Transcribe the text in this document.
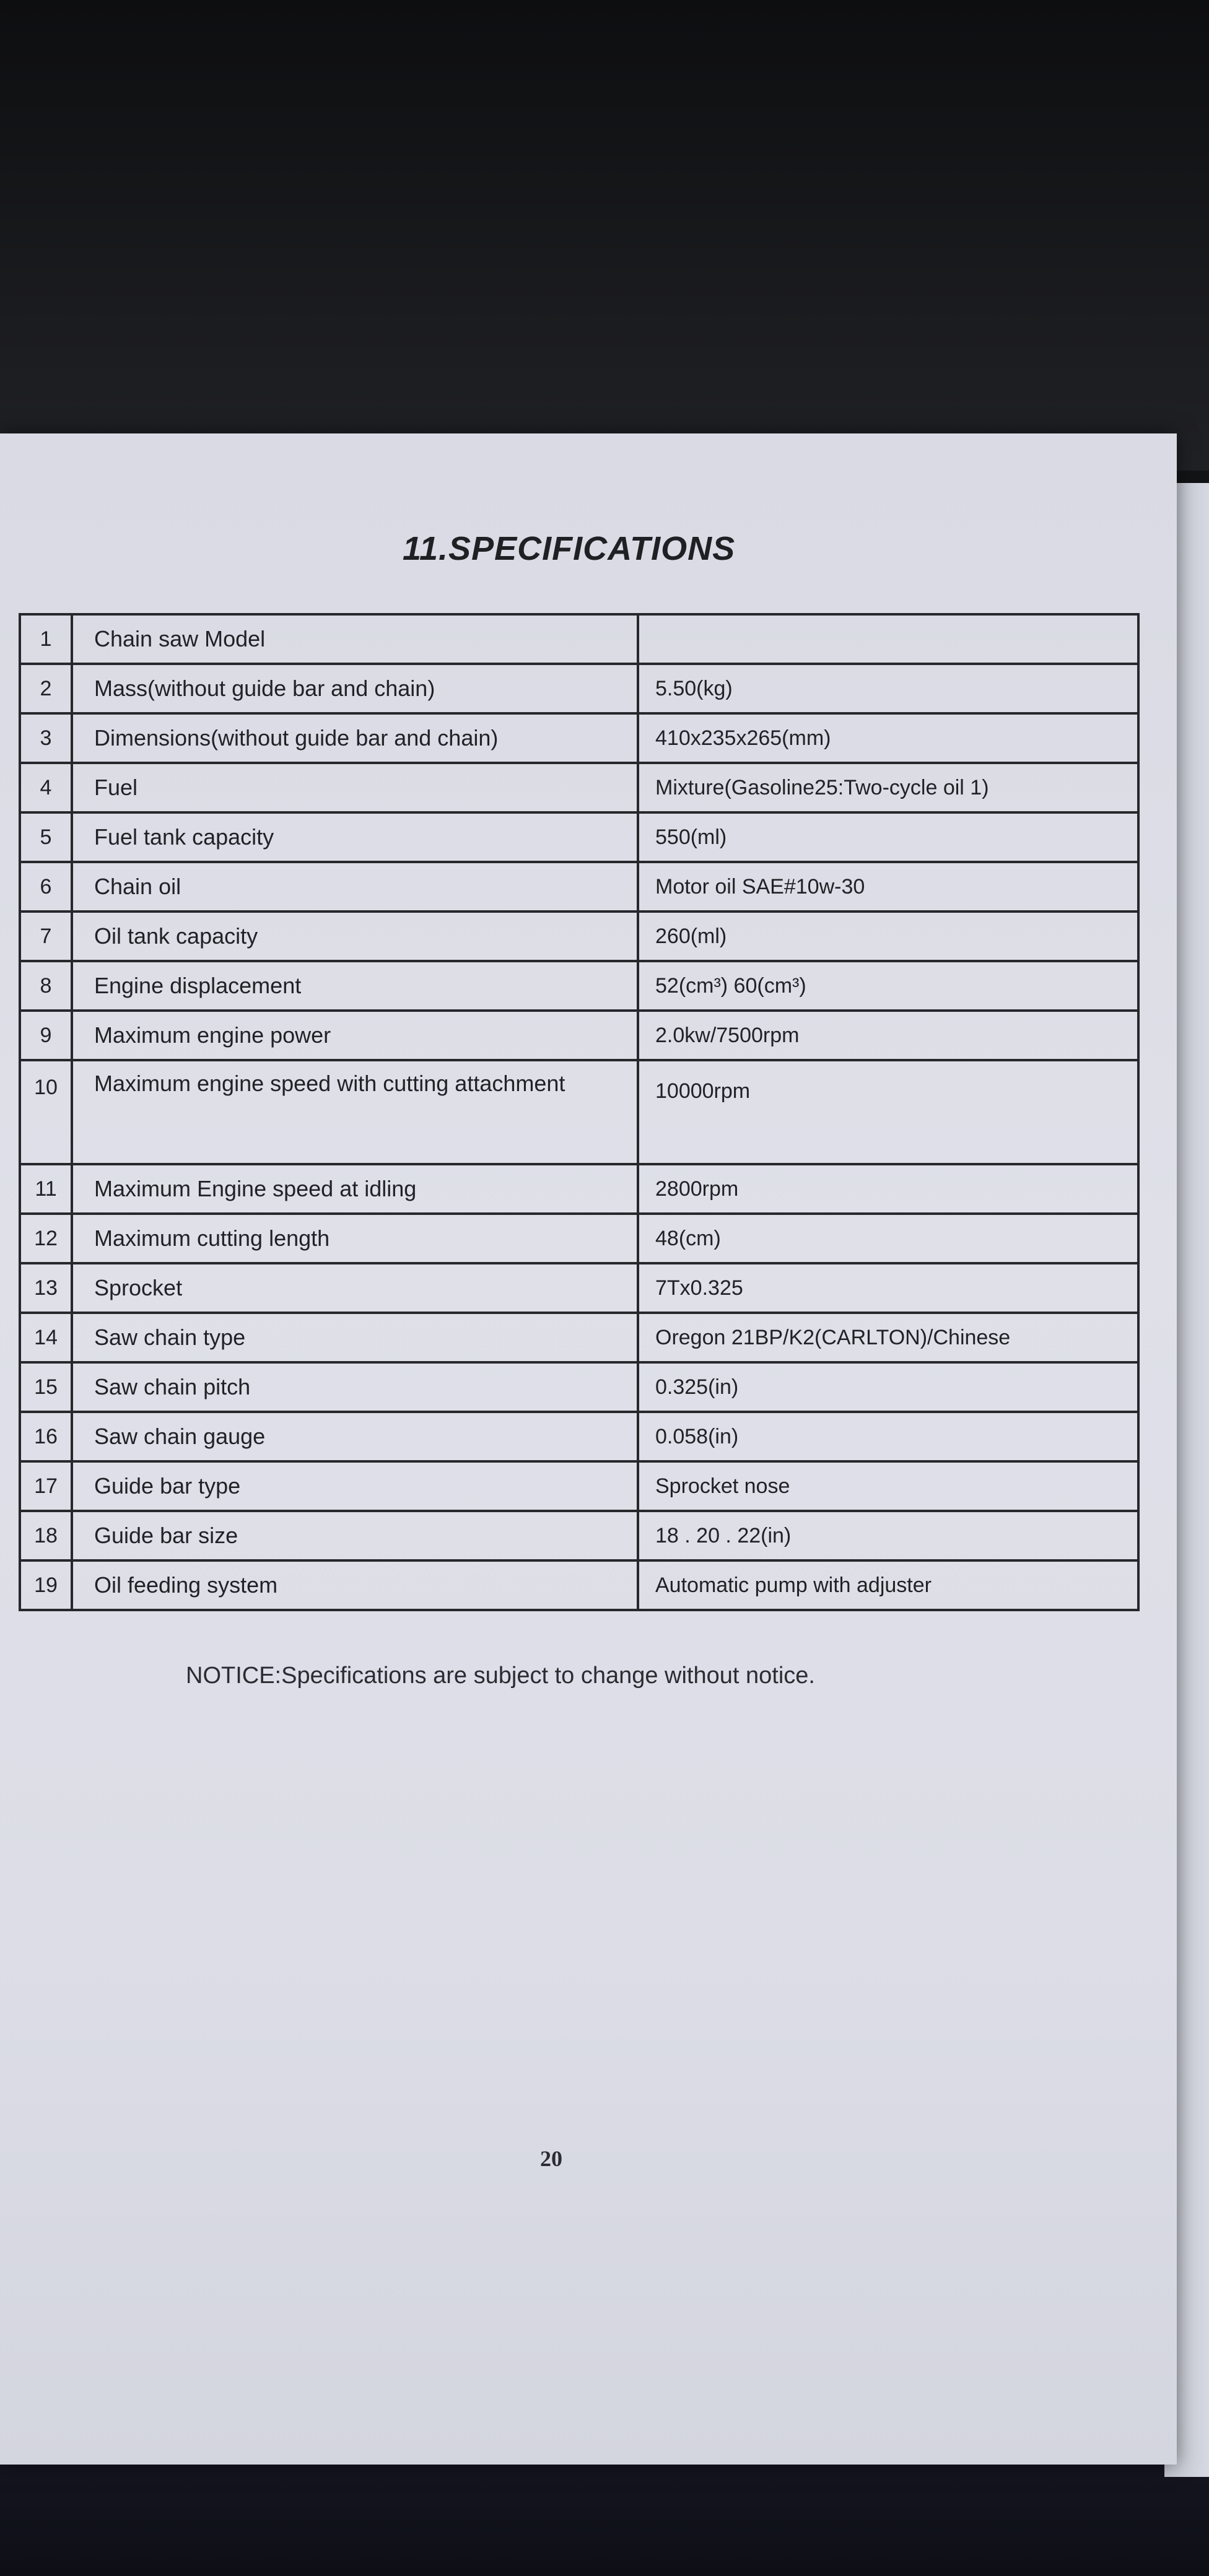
11.SPECIFICATIONS
1	Chain saw Model	
2	Mass(without guide bar and chain)	5.50(kg)
3	Dimensions(without guide bar and chain)	410x235x265(mm)
4	Fuel	Mixture(Gasoline25:Two-cycle oil 1)
5	Fuel tank capacity	550(ml)
6	Chain oil	Motor oil SAE#10w-30
7	Oil tank capacity	260(ml)
8	Engine displacement	52(cm³) 60(cm³)
9	Maximum engine power	2.0kw/7500rpm
10	Maximum engine speed with cutting attachment	10000rpm
11	Maximum Engine speed at idling	2800rpm
12	Maximum cutting length	48(cm)
13	Sprocket	7Tx0.325
14	Saw chain type	Oregon 21BP/K2(CARLTON)/Chinese
15	Saw chain pitch	0.325(in)
16	Saw chain gauge	0.058(in)
17	Guide bar type	Sprocket nose
18	Guide bar size	18 . 20 . 22(in)
19	Oil feeding system	Automatic pump with adjuster

NOTICE:Specifications are subject to change without notice.

20
